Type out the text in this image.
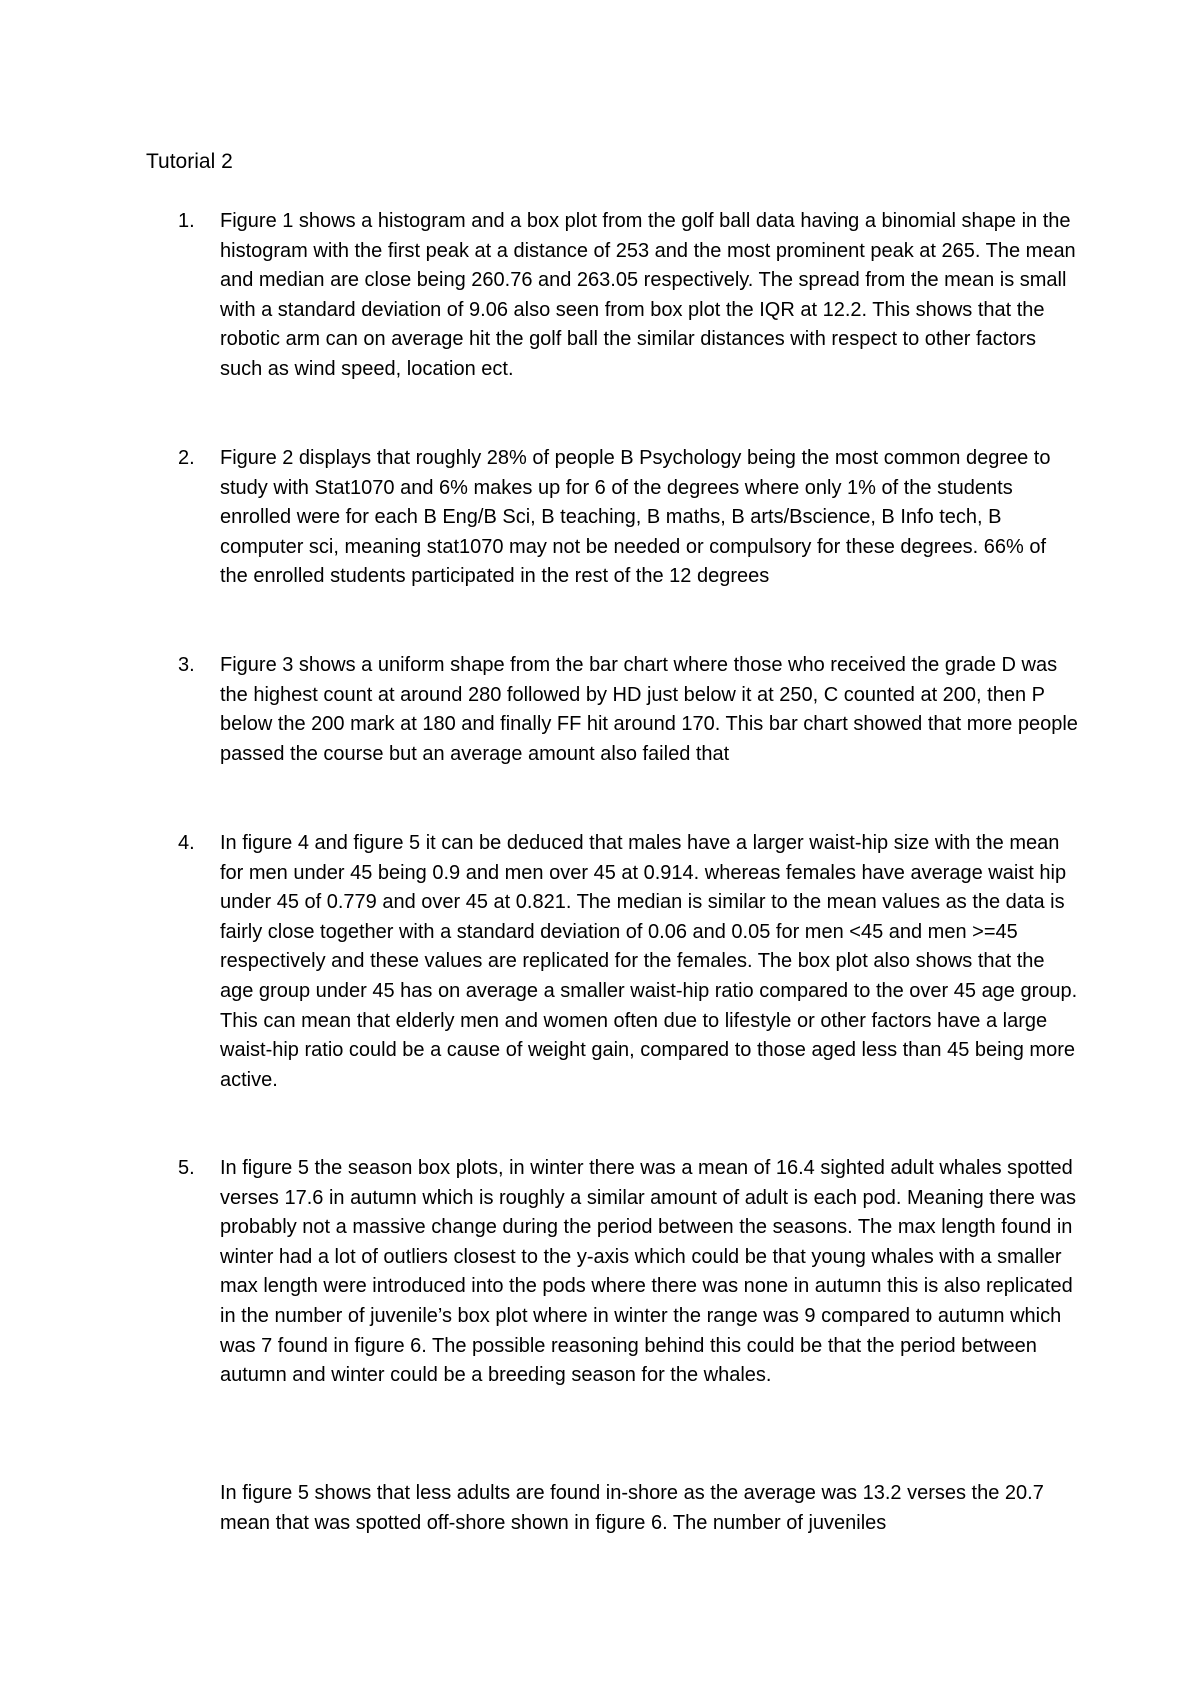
Tutorial 2
1.	Figure 1 shows a histogram and a box plot from the golf ball data having a binomial shape in the histogram with the first peak at a distance of 253 and the most prominent peak at 265. The mean and median are close being 260.76 and 263.05 respectively. The spread from the mean is small with a standard deviation of 9.06 also seen from box plot the IQR at 12.2. This shows that the robotic arm can on average hit the golf ball the similar distances with respect to other factors such as wind speed, location ect.
2.	Figure 2 displays that roughly 28% of people B Psychology being the most common degree to study with Stat1070 and 6% makes up for 6 of the degrees where only 1% of the students enrolled were for each B Eng/B Sci, B teaching, B maths, B arts/Bscience, B Info tech, B computer sci, meaning stat1070 may not be needed or compulsory for these degrees. 66% of the enrolled students participated in the rest of the 12 degrees
3.	Figure 3 shows a uniform shape from the bar chart where those who received the grade D was the highest count at around 280 followed by HD just below it at 250, C counted at 200, then P below the 200 mark at 180 and finally FF hit around 170. This bar chart showed that more people passed the course but an average amount also failed that
4.	In figure 4 and figure 5 it can be deduced that males have a larger waist-hip size with the mean for men under 45 being 0.9 and men over 45 at 0.914. whereas females have average waist hip under 45 of 0.779 and over 45 at 0.821. The median is similar to the mean values as the data is fairly close together with a standard deviation of 0.06 and 0.05 for men <45 and men >=45 respectively and these values are replicated for the females. The box plot also shows that the age group under 45 has on average a smaller waist-hip ratio compared to the over 45 age group. This can mean that elderly men and women often due to lifestyle or other factors have a large waist-hip ratio could be a cause of weight gain, compared to those aged less than 45 being more active.
5.	In figure 5 the season box plots, in winter there was a mean of 16.4 sighted adult whales spotted verses 17.6 in autumn which is roughly a similar amount of adult is each pod. Meaning there was probably not a massive change during the period between the seasons. The max length found in winter had a lot of outliers closest to the y-axis which could be that young whales with a smaller max length were introduced into the pods where there was none in autumn this is also replicated in the number of juvenile’s box plot where in winter the range was 9 compared to autumn which was 7 found in figure 6. The possible reasoning behind this could be that the period between autumn and winter could be a breeding season for the whales.
In figure 5 shows that less adults are found in-shore as the average was 13.2 verses the 20.7 mean that was spotted off-shore shown in figure 6. The number of juveniles
